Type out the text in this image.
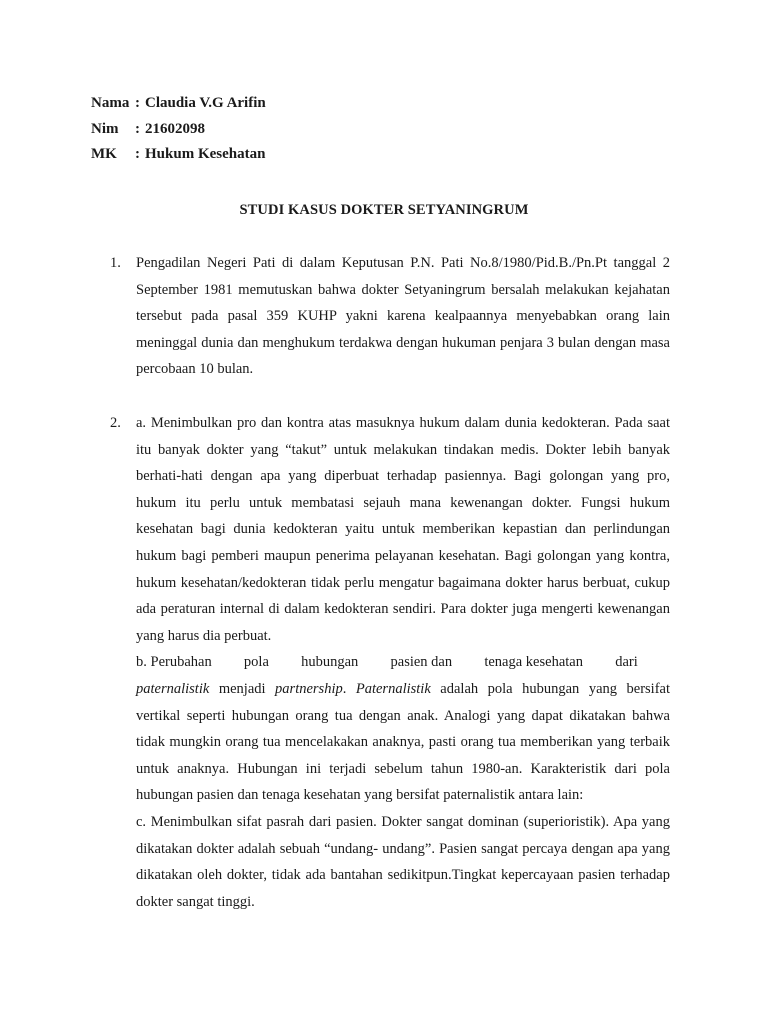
Nama : Claudia V.G Arifin
Nim : 21602098
MK : Hukum Kesehatan
STUDI KASUS DOKTER SETYANINGRUM
1.	Pengadilan Negeri Pati di dalam Keputusan P.N. Pati No.8/1980/Pid.B./Pn.Pt tanggal 2 September 1981 memutuskan bahwa dokter Setyaningrum bersalah melakukan kejahatan tersebut pada pasal 359 KUHP yakni karena kealpaannya menyebabkan orang lain meninggal dunia dan menghukum terdakwa dengan hukuman penjara 3 bulan dengan masa percobaan 10 bulan.

2.	a. Menimbulkan pro dan kontra atas masuknya hukum dalam dunia kedokteran. Pada saat itu banyak dokter yang “takut” untuk melakukan tindakan medis. Dokter lebih banyak berhati-hati dengan apa yang diperbuat terhadap pasiennya. Bagi golongan yang pro, hukum itu perlu untuk membatasi sejauh mana kewenangan dokter. Fungsi hukum kesehatan bagi dunia kedokteran yaitu untuk memberikan kepastian dan perlindungan hukum bagi pemberi maupun penerima pelayanan kesehatan. Bagi golongan yang kontra, hukum kesehatan/kedokteran tidak perlu mengatur bagaimana dokter harus berbuat, cukup ada peraturan internal di dalam kedokteran sendiri. Para dokter juga mengerti kewenangan yang harus dia perbuat.

b. Perubahan pola hubungan pasien dan tenaga kesehatan dari

paternalistik menjadi partnership. Paternalistik adalah pola hubungan yang bersifat vertikal seperti hubungan orang tua dengan anak. Analogi yang dapat dikatakan bahwa tidak mungkin orang tua mencelakakan anaknya, pasti orang tua memberikan yang terbaik untuk anaknya. Hubungan ini terjadi sebelum tahun 1980-an. Karakteristik dari pola hubungan pasien dan tenaga kesehatan yang bersifat paternalistik antara lain:

c. Menimbulkan sifat pasrah dari pasien. Dokter sangat dominan (superioristik). Apa yang dikatakan dokter adalah sebuah “undang- undang”. Pasien sangat percaya dengan apa yang dikatakan oleh dokter, tidak ada bantahan sedikitpun.Tingkat kepercayaan pasien terhadap dokter sangat tinggi.
